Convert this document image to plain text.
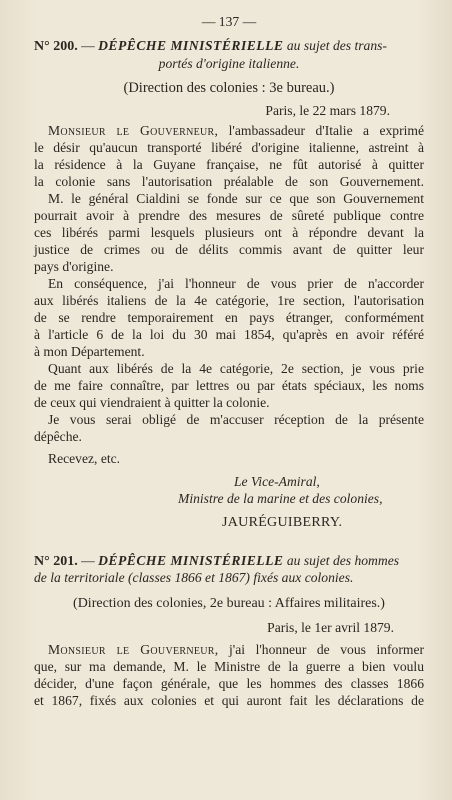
— 137 —
N° 200. — DÉPÊCHE MINISTÉRIELLE au sujet des trans-
portés d'origine italienne.
(Direction des colonies : 3e bureau.)
Paris, le 22 mars 1879.
Monsieur le Gouverneur, l'ambassadeur d'Italie a exprimé
le désir qu'aucun transporté libéré d'origine italienne, astreint à
la résidence à la Guyane française, ne fût autorisé à quitter
la colonie sans l'autorisation préalable de son Gouvernement.
M. le général Cialdini se fonde sur ce que son Gouvernement
pourrait avoir à prendre des mesures de sûreté publique contre
ces libérés parmi lesquels plusieurs ont à répondre devant la
justice de crimes ou de délits commis avant de quitter leur
pays d'origine.
En conséquence, j'ai l'honneur de vous prier de n'accorder
aux libérés italiens de la 4e catégorie, 1re section, l'autorisation
de se rendre temporairement en pays étranger, conformément
à l'article 6 de la loi du 30 mai 1854, qu'après en avoir référé
à mon Département.
Quant aux libérés de la 4e catégorie, 2e section, je vous prie
de me faire connaître, par lettres ou par états spéciaux, les noms
de ceux qui viendraient à quitter la colonie.
Je vous serai obligé de m'accuser réception de la présente
dépêche.
Recevez, etc.
Le Vice-Amiral,
Ministre de la marine et des colonies,
JAURÉGUIBERRY.
N° 201. — DÉPÊCHE MINISTÉRIELLE au sujet des hommes
de la territoriale (classes 1866 et 1867) fixés aux colonies.
(Direction des colonies, 2e bureau : Affaires militaires.)
Paris, le 1er avril 1879.
Monsieur le Gouverneur, j'ai l'honneur de vous informer
que, sur ma demande, M. le Ministre de la guerre a bien voulu
décider, d'une façon générale, que les hommes des classes 1866
et 1867, fixés aux colonies et qui auront fait les déclarations de
